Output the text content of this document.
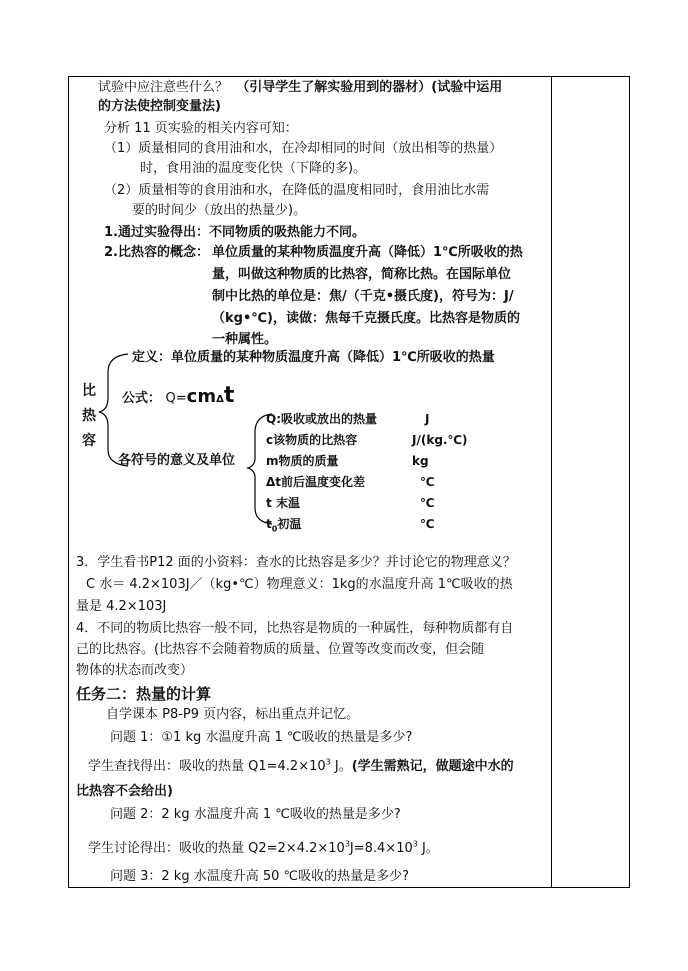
试验中应注意些什么？ （引导学生了解实验用到的器材）(试验中运用
的方法使控制变量法)
分析 11 页实验的相关内容可知：
（1）质量相同的食用油和水，在冷却相同的时间（放出相等的热量）
时，食用油的温度变化快（下降的多)。
（2）质量相等的食用油和水，在降低的温度相同时，食用油比水需
要的时间少（放出的热量少)。
1.通过实验得出：不同物质的吸热能力不同。
2.比热容的概念： 单位质量的某种物质温度升高（降低）1℃所吸收的热
量，叫做这种物质的比热容，简称比热。在国际单位
制中比热的单位是：焦/（千克•摄氏度)，符号为：J/
（kg•℃)，读做：焦每千克摄氏度。比热容是物质的
一种属性。
比
热
容
定义：单位质量的某种物质温度升高（降低）1℃所吸收的热量
公式： Q=cmΔt
各符号的意义及单位
Q:吸收或放出的热量	J
c该物质的比热容	J/(kg.℃)
m物质的质量	kg
Δt前后温度变化差	℃
t 末温	℃
$t_0$初温	℃
3．学生看书P12 面的小资料：查水的比热容是多少？并讨论它的物理意义？
C 水＝ 4.2×103J／（kg•℃）物理意义：1kg的水温度升高 1℃吸收的热
量是 4.2×103J
4．不同的物质比热容一般不同，比热容是物质的一种属性，每种物质都有自
己的比热容。(比热容不会随着物质的质量、位置等改变而改变，但会随
物体的状态而改变）
任务二：热量的计算
自学课本 P8-P9 页内容，标出重点并记忆。
问题 1：①1 kg 水温度升高 1 ℃吸收的热量是多少?
学生查找得出：吸收的热量 $Q1=4.2\times 10^3$ J。(学生需熟记，做题途中水的
比热容不会给出)
问题 2：2 kg 水温度升高 1 ℃吸收的热量是多少?
学生讨论得出：吸收的热量 $Q2=2\times 4.2\times 10^3J=8.4\times 10^3$ J。
问题 3：2 kg 水温度升高 50 ℃吸收的热量是多少?
